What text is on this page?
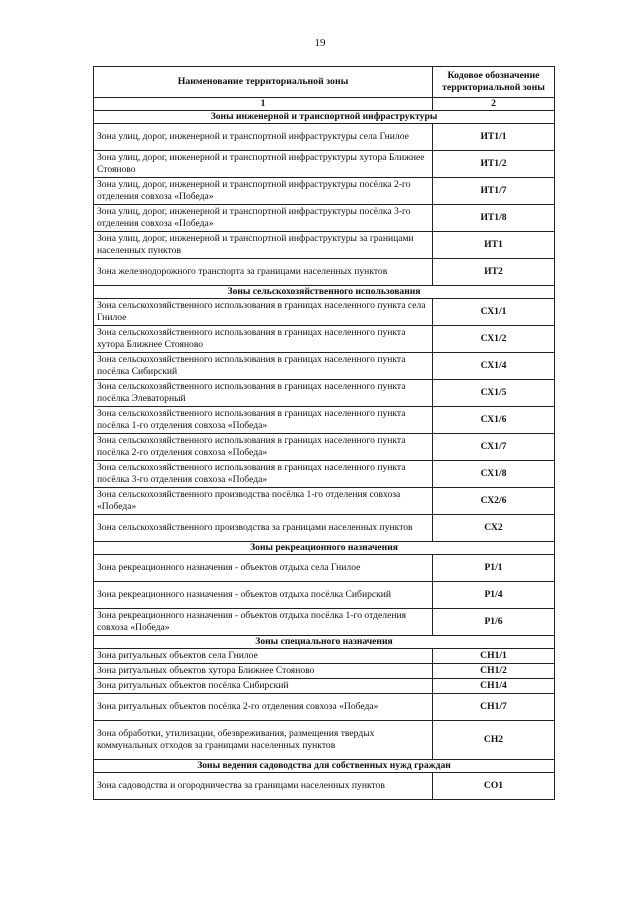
19
Наименование территориальной зоны	Кодовое обозначение территориальной зоны
1	2
Зоны инженерной и транспортной инфраструктуры	
Зона улиц, дорог, инженерной и транспортной инфраструктуры села Гнилое	ИТ1/1
Зона улиц, дорог, инженерной и транспортной инфраструктуры хутора Ближнее Стояново	ИТ1/2
Зона улиц, дорог, инженерной и транспортной инфраструктуры посёлка 2-го отделения совхоза «Победа»	ИТ1/7
Зона улиц, дорог, инженерной и транспортной инфраструктуры посёлка 3-го отделения совхоза «Победа»	ИТ1/8
Зона улиц, дорог, инженерной и транспортной инфраструктуры за границами населенных пунктов	ИТ1
Зона железнодорожного транспорта за границами населенных пунктов	ИТ2
Зоны сельскохозяйственного использования	
Зона сельскохозяйственного использования в границах населенного пункта села Гнилое	СХ1/1
Зона сельскохозяйственного использования в границах населенного пункта хутора Ближнее Стояново	СХ1/2
Зона сельскохозяйственного использования в границах населенного пункта посёлка Сибирский	СХ1/4
Зона сельскохозяйственного использования в границах населенного пункта посёлка Элеваторный	СХ1/5
Зона сельскохозяйственного использования в границах населенного пункта посёлка 1-го отделения совхоза «Победа»	СХ1/6
Зона сельскохозяйственного использования в границах населенного пункта посёлка 2-го отделения совхоза «Победа»	СХ1/7
Зона сельскохозяйственного использования в границах населенного пункта посёлка 3-го отделения совхоза «Победа»	СХ1/8
Зона сельскохозяйственного производства посёлка 1-го отделения совхоза «Победа»	СХ2/6
Зона сельскохозяйственного производства за границами населенных пунктов	СХ2
Зоны рекреационного назначения	
Зона рекреационного назначения - объектов отдыха села Гнилое	Р1/1
Зона рекреационного назначения - объектов отдыха посёлка Сибирский	Р1/4
Зона рекреационного назначения - объектов отдыха посёлка 1-го отделения совхоза «Победа»	Р1/6
Зоны специального назначения	
Зона ритуальных объектов села Гнилое	СН1/1
Зона ритуальных объектов хутора Ближнее Стояново	СН1/2
Зона ритуальных объектов посёлка Сибирский	СН1/4
Зона ритуальных объектов посёлка 2-го отделения совхоза «Победа»	СН1/7
Зона обработки, утилизации, обезвреживания, размещения твердых коммунальных отходов за границами населенных пунктов	СН2
Зоны ведения садоводства для собственных нужд граждан	
Зона садоводства и огородничества за границами населенных пунктов	СО1
